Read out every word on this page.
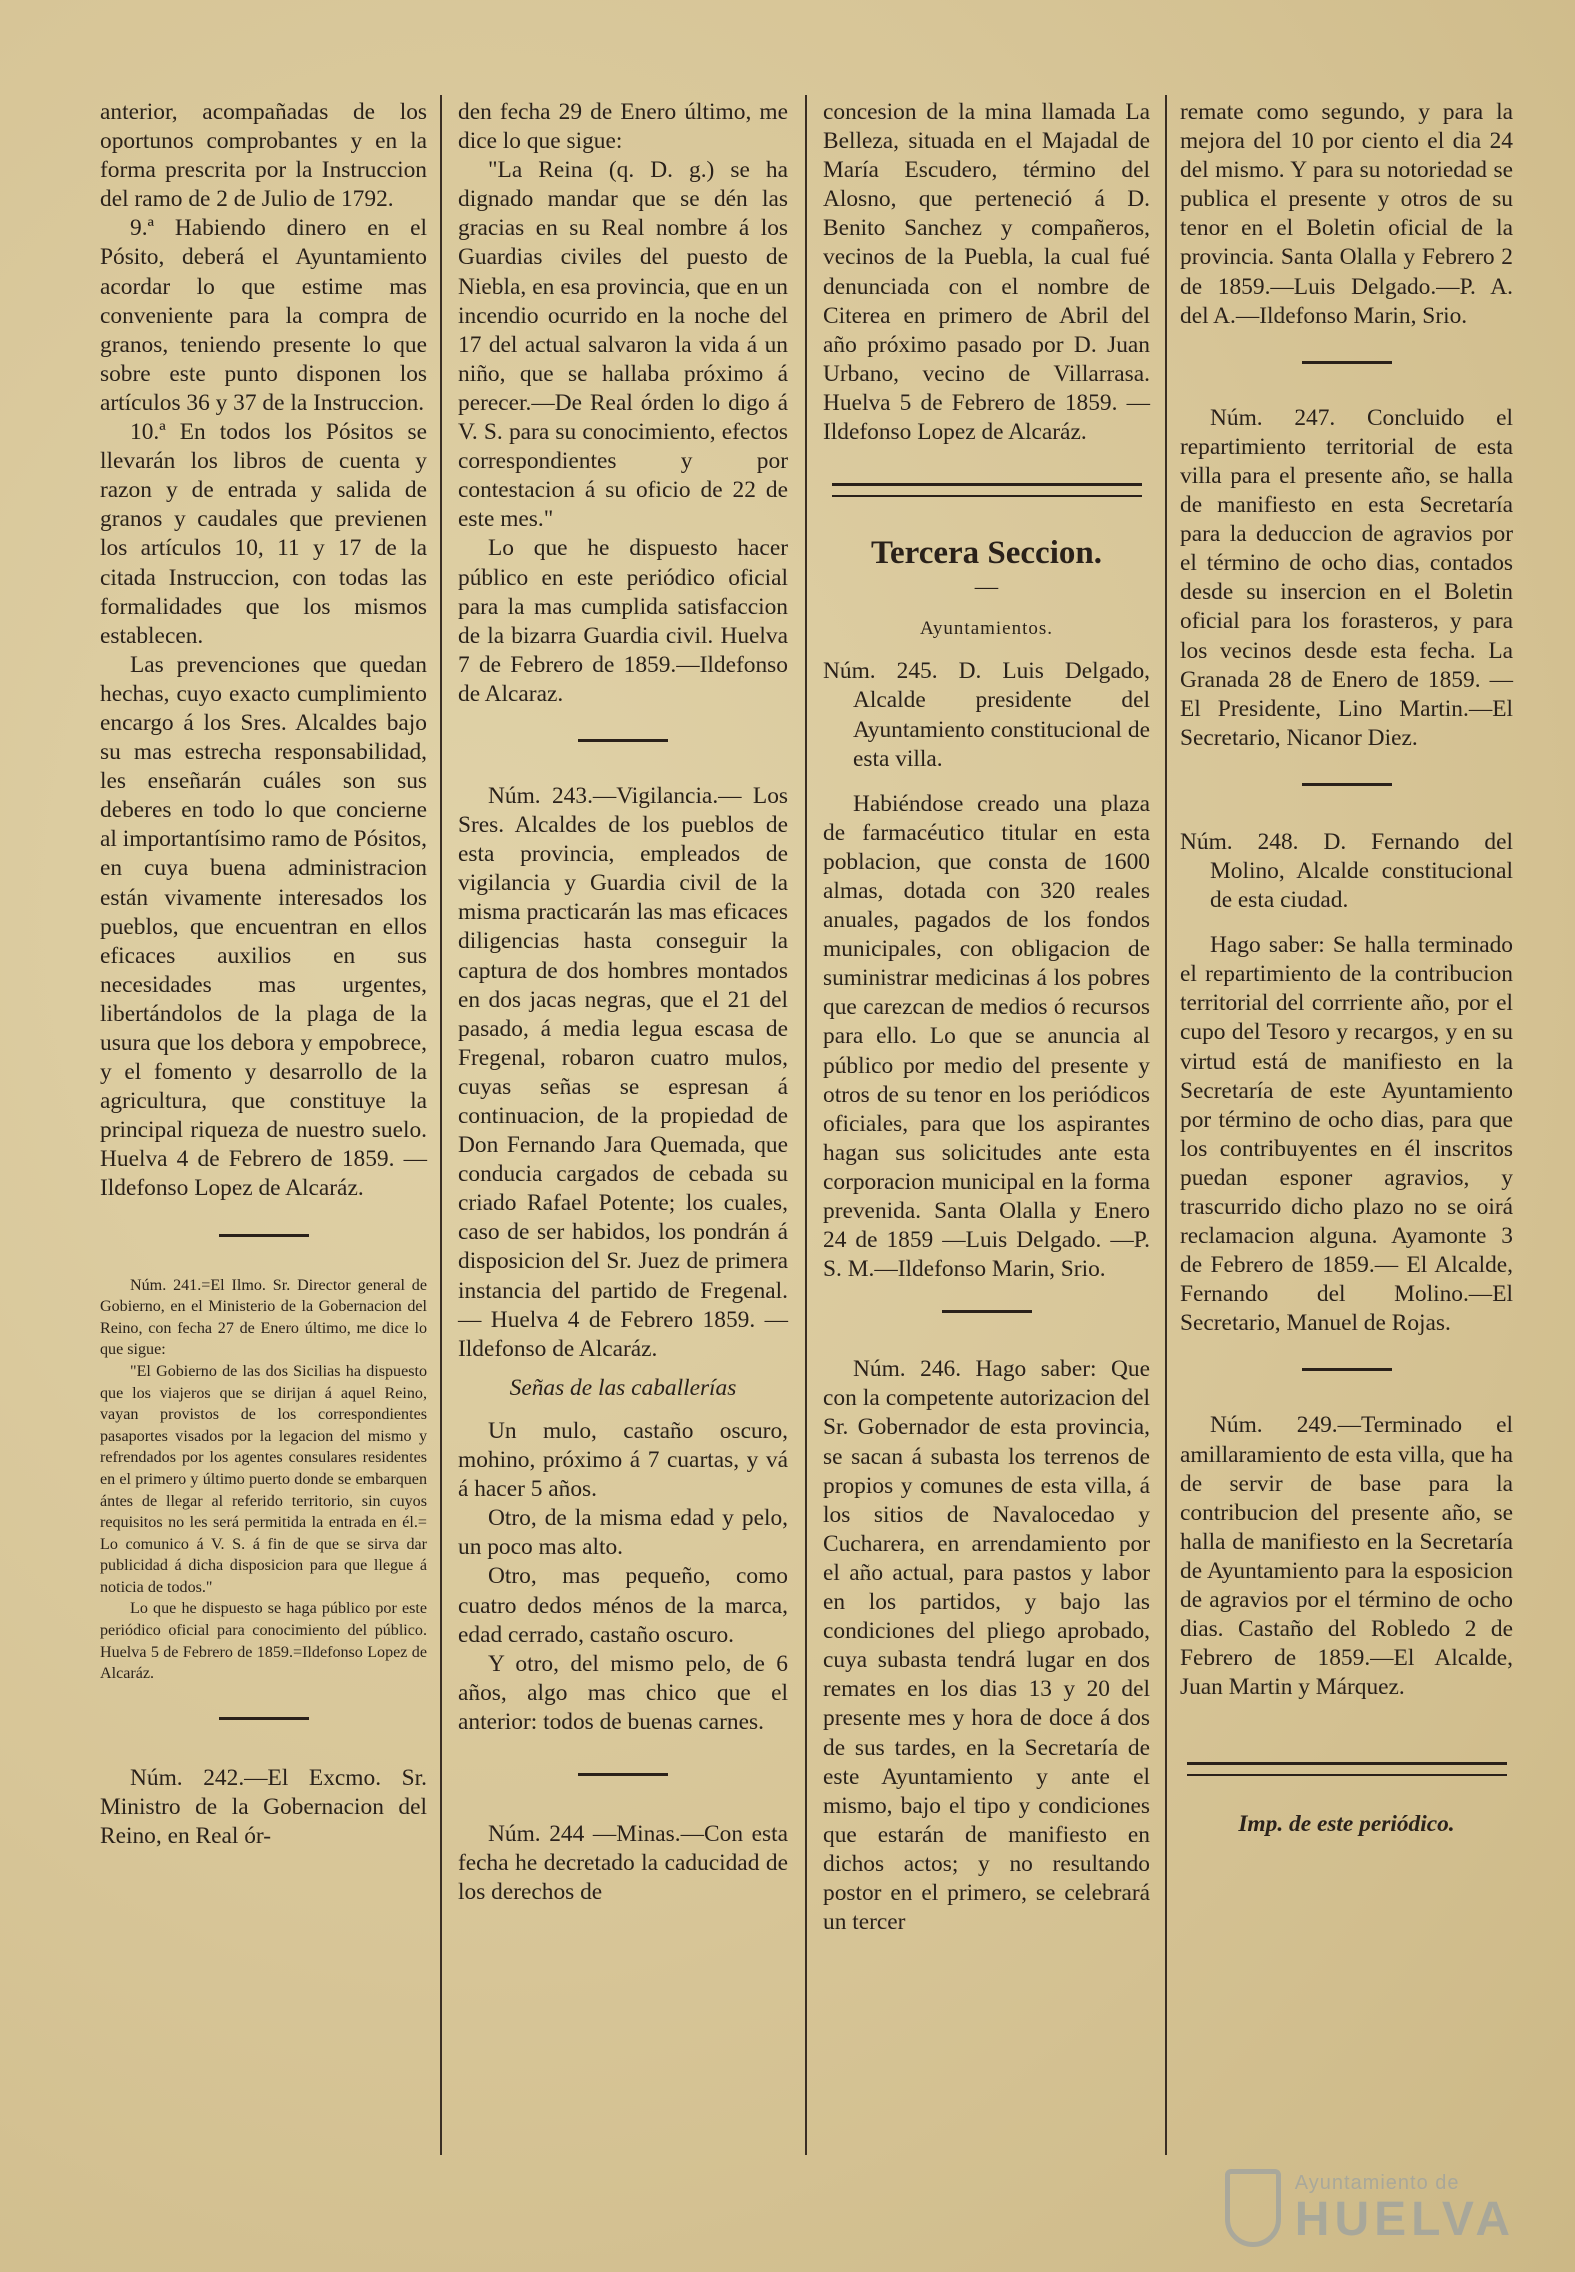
anterior, acompañadas de los oportunos comprobantes y en la forma prescrita por la Instruccion del ramo de 2 de Julio de 1792.

9.ª Habiendo dinero en el Pósito, deberá el Ayuntamiento acordar lo que estime mas conveniente para la compra de granos, teniendo presente lo que sobre este punto disponen los artículos 36 y 37 de la Instruccion.

10.ª En todos los Pósitos se llevarán los libros de cuenta y razon y de entrada y salida de granos y caudales que previenen los artículos 10, 11 y 17 de la citada Instruccion, con todas las formalidades que los mismos establecen.

Las prevenciones que quedan hechas, cuyo exacto cumplimiento encargo á los Sres. Alcaldes bajo su mas estrecha responsabilidad, les enseñarán cuáles son sus deberes en todo lo que concierne al importantísimo ramo de Pósitos, en cuya buena administracion están vivamente interesados los pueblos, que encuentran en ellos eficaces auxilios en sus necesidades mas urgentes, libertándolos de la plaga de la usura que los debora y empobrece, y el fomento y desarrollo de la agricultura, que constituye la principal riqueza de nuestro suelo. Huelva 4 de Febrero de 1859. —Ildefonso Lopez de Alcaráz.

Núm. 241.=El Ilmo. Sr. Director general de Gobierno, en el Ministerio de la Gobernacion del Reino, con fecha 27 de Enero último, me dice lo que sigue:

"El Gobierno de las dos Sicilias ha dispuesto que los viajeros que se dirijan á aquel Reino, vayan provistos de los correspondientes pasaportes visados por la legacion del mismo y refrendados por los agentes consulares residentes en el primero y último puerto donde se embarquen ántes de llegar al referido territorio, sin cuyos requisitos no les será permitida la entrada en él.= Lo comunico á V. S. á fin de que se sirva dar publicidad á dicha disposicion para que llegue á noticia de todos."

Lo que he dispuesto se haga público por este periódico oficial para conocimiento del público. Huelva 5 de Febrero de 1859.=Ildefonso Lopez de Alcaráz.

Núm. 242.—El Excmo. Sr. Ministro de la Gobernacion del Reino, en Real ór-

den fecha 29 de Enero último, me dice lo que sigue:

"La Reina (q. D. g.) se ha dignado mandar que se dén las gracias en su Real nombre á los Guardias civiles del puesto de Niebla, en esa provincia, que en un incendio ocurrido en la noche del 17 del actual salvaron la vida á un niño, que se hallaba próximo á perecer.—De Real órden lo digo á V. S. para su conocimiento, efectos correspondientes y por contestacion á su oficio de 22 de este mes."

Lo que he dispuesto hacer público en este periódico oficial para la mas cumplida satisfaccion de la bizarra Guardia civil. Huelva 7 de Febrero de 1859.—Ildefonso de Alcaraz.

Núm. 243.—Vigilancia.— Los Sres. Alcaldes de los pueblos de esta provincia, empleados de vigilancia y Guardia civil de la misma practicarán las mas eficaces diligencias hasta conseguir la captura de dos hombres montados en dos jacas negras, que el 21 del pasado, á media legua escasa de Fregenal, robaron cuatro mulos, cuyas señas se espresan á continuacion, de la propiedad de Don Fernando Jara Quemada, que conducia cargados de cebada su criado Rafael Potente; los cuales, caso de ser habidos, los pondrán á disposicion del Sr. Juez de primera instancia del partido de Fregenal.— Huelva 4 de Febrero 1859. —Ildefonso de Alcaráz.

Señas de las caballerías

Un mulo, castaño oscuro, mohino, próximo á 7 cuartas, y vá á hacer 5 años.

Otro, de la misma edad y pelo, un poco mas alto.

Otro, mas pequeño, como cuatro dedos ménos de la marca, edad cerrado, castaño oscuro.

Y otro, del mismo pelo, de 6 años, algo mas chico que el anterior: todos de buenas carnes.

Núm. 244 —Minas.—Con esta fecha he decretado la caducidad de los derechos de

concesion de la mina llamada La Belleza, situada en el Majadal de María Escudero, término del Alosno, que perteneció á D. Benito Sanchez y compañeros, vecinos de la Puebla, la cual fué denunciada con el nombre de Citerea en primero de Abril del año próximo pasado por D. Juan Urbano, vecino de Villarrasa. Huelva 5 de Febrero de 1859. —Ildefonso Lopez de Alcaráz.

Tercera Seccion.

—

Ayuntamientos.

Núm. 245. D. Luis Delgado, Alcalde presidente del Ayuntamiento constitucional de esta villa.

Habiéndose creado una plaza de farmacéutico titular en esta poblacion, que consta de 1600 almas, dotada con 320 reales anuales, pagados de los fondos municipales, con obligacion de suministrar medicinas á los pobres que carezcan de medios ó recursos para ello. Lo que se anuncia al público por medio del presente y otros de su tenor en los periódicos oficiales, para que los aspirantes hagan sus solicitudes ante esta corporacion municipal en la forma prevenida. Santa Olalla y Enero 24 de 1859 —Luis Delgado. —P. S. M.—Ildefonso Marin, Srio.

Núm. 246. Hago saber: Que con la competente autorizacion del Sr. Gobernador de esta provincia, se sacan á subasta los terrenos de propios y comunes de esta villa, á los sitios de Navalocedao y Cucharera, en arrendamiento por el año actual, para pastos y labor en los partidos, y bajo las condiciones del pliego aprobado, cuya subasta tendrá lugar en dos remates en los dias 13 y 20 del presente mes y hora de doce á dos de sus tardes, en la Secretaría de este Ayuntamiento y ante el mismo, bajo el tipo y condiciones que estarán de manifiesto en dichos actos; y no resultando postor en el primero, se celebrará un tercer

remate como segundo, y para la mejora del 10 por ciento el dia 24 del mismo. Y para su notoriedad se publica el presente y otros de su tenor en el Boletin oficial de la provincia. Santa Olalla y Febrero 2 de 1859.—Luis Delgado.—P. A. del A.—Ildefonso Marin, Srio.

Núm. 247. Concluido el repartimiento territorial de esta villa para el presente año, se halla de manifiesto en esta Secretaría para la deduccion de agravios por el término de ocho dias, contados desde su insercion en el Boletin oficial para los forasteros, y para los vecinos desde esta fecha. La Granada 28 de Enero de 1859. —El Presidente, Lino Martin.—El Secretario, Nicanor Diez.

Núm. 248. D. Fernando del Molino, Alcalde constitucional de esta ciudad.

Hago saber: Se halla terminado el repartimiento de la contribucion territorial del corrriente año, por el cupo del Tesoro y recargos, y en su virtud está de manifiesto en la Secretaría de este Ayuntamiento por término de ocho dias, para que los contribuyentes en él inscritos puedan esponer agravios, y trascurrido dicho plazo no se oirá reclamacion alguna. Ayamonte 3 de Febrero de 1859.— El Alcalde, Fernando del Molino.—El Secretario, Manuel de Rojas.

Núm. 249.—Terminado el amillaramiento de esta villa, que ha de servir de base para la contribucion del presente año, se halla de manifiesto en la Secretaría de Ayuntamiento para la esposicion de agravios por el término de ocho dias. Castaño del Robledo 2 de Febrero de 1859.—El Alcalde, Juan Martin y Márquez.

Imp. de este periódico.

Ayuntamiento de
HUELVA
